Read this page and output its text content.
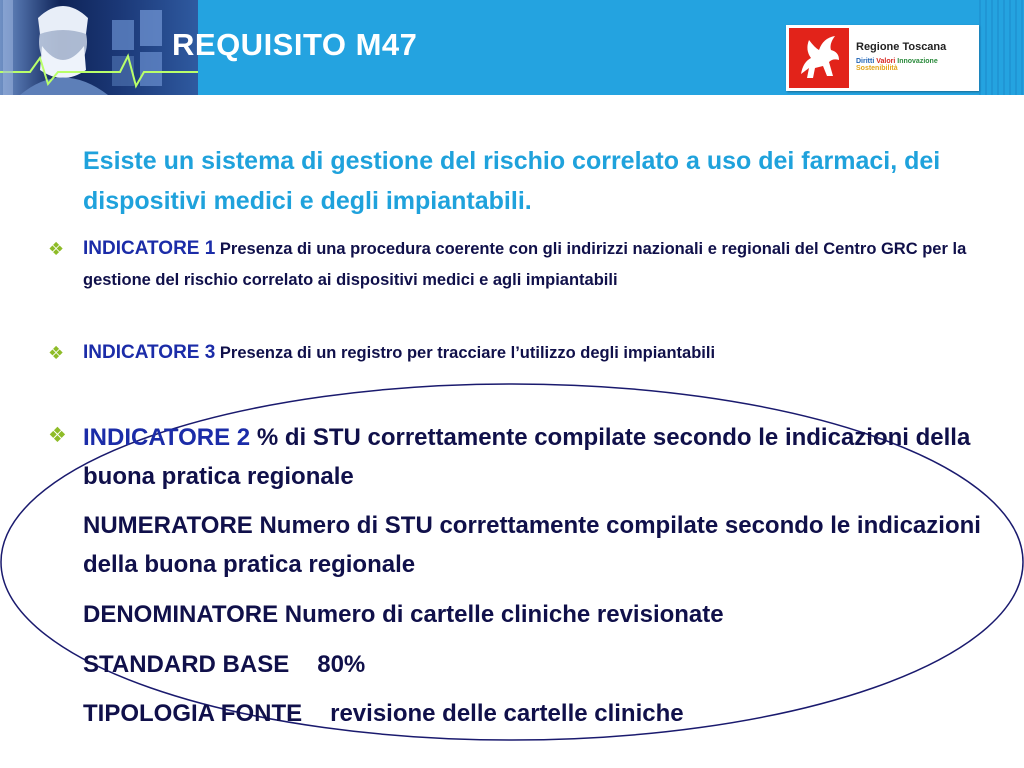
REQUISITO M47	Regione Toscana
Diritti Valori Innovazione Sostenibilità
Esiste un sistema di gestione del rischio correlato a uso dei farmaci, dei dispositivi medici e degli impiantabili.
❖ INDICATORE 1 Presenza di una procedura coerente con gli indirizzi nazionali e regionali del Centro GRC per la gestione del rischio correlato ai dispositivi medici e agli impiantabili
❖ INDICATORE 3 Presenza di un registro per tracciare l’utilizzo degli impiantabili
❖ INDICATORE 2 % di STU correttamente compilate secondo le indicazioni della buona pratica regionale
NUMERATORE Numero di STU correttamente compilate secondo le indicazioni della buona pratica regionale
DENOMINATORE Numero di cartelle cliniche revisionate
STANDARD BASE 80%
TIPOLOGIA FONTE revisione delle cartelle cliniche
